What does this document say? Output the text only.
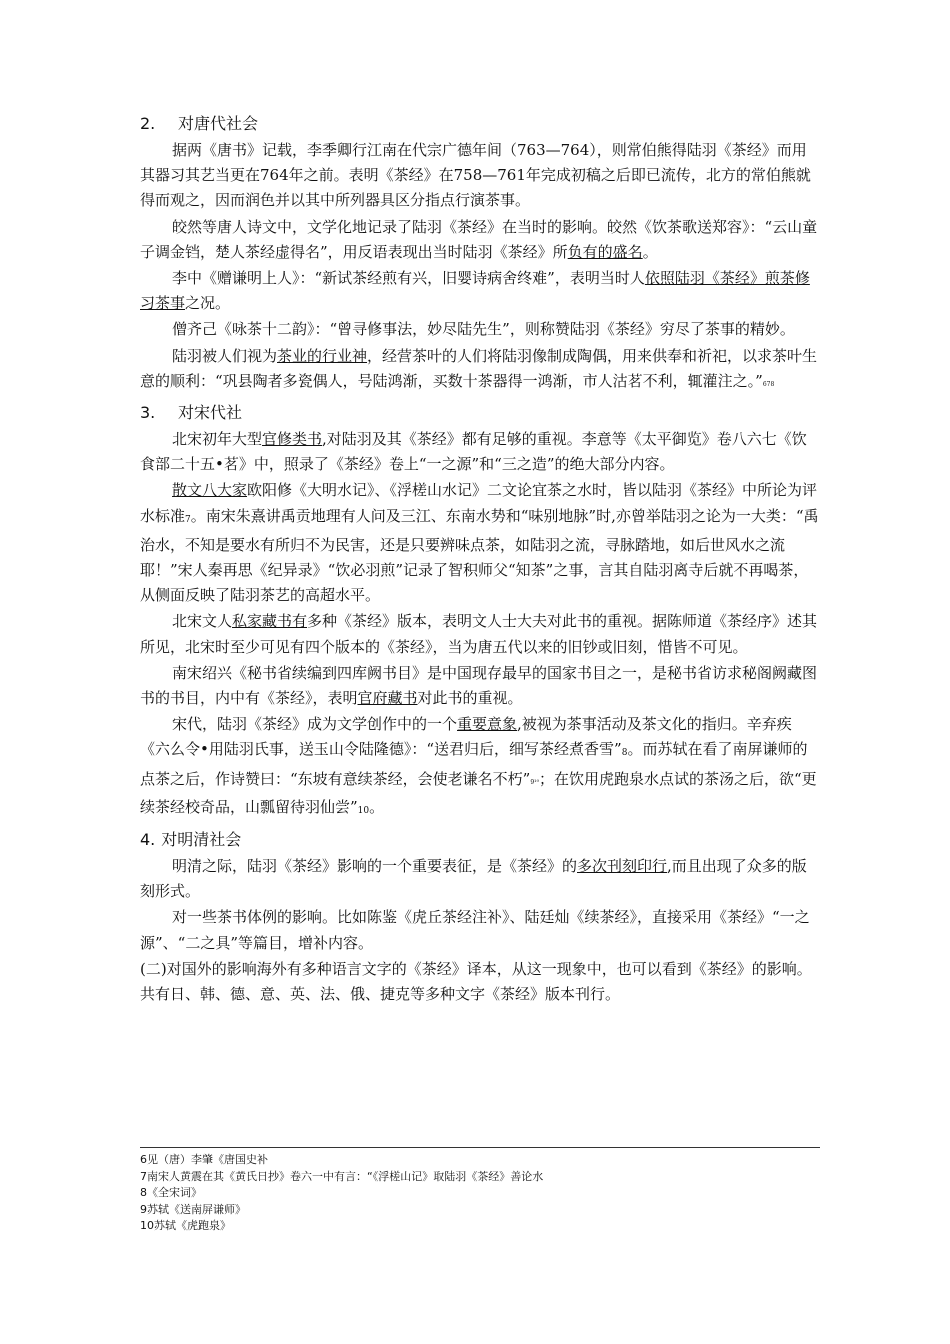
2. 对唐代社会

据两《唐书》记载，李季卿行江南在代宗广德年间（763—764），则常伯熊得陆羽《茶经》而用其器习其艺当更在764年之前。表明《茶经》在758—761年完成初稿之后即已流传，北方的常伯熊就得而观之，因而润色并以其中所列器具区分指点行演茶事。

皎然等唐人诗文中，文学化地记录了陆羽《茶经》在当时的影响。皎然《饮茶歌送郑容》：“云山童子调金铛，楚人茶经虚得名”，用反语表现出当时陆羽《茶经》所负有的盛名。

李中《赠谦明上人》：“新试茶经煎有兴，旧婴诗病舍终难”，表明当时人依照陆羽《茶经》煎茶修习茶事之况。

僧齐己《咏茶十二韵》：“曾寻修事法，妙尽陆先生”，则称赞陆羽《茶经》穷尽了茶事的精妙。

陆羽被人们视为茶业的行业神，经营茶叶的人们将陆羽像制成陶偶，用来供奉和祈祀，以求茶叶生意的顺利：“巩县陶者多瓷偶人，号陆鸿渐，买数十茶器得一鸿渐，市人沽茗不利，辄灌注之。”678

3. 对宋代社

北宋初年大型官修类书,对陆羽及其《茶经》都有足够的重视。李意等《太平御览》卷八六七《饮食部二十五•茗》中，照录了《茶经》卷上“一之源”和“三之造”的绝大部分内容。

散文八大家欧阳修《大明水记》、《浮槎山水记》二文论宜茶之水时，皆以陆羽《茶经》中所论为评水标准7。南宋朱熹讲禹贡地理有人问及三江、东南水势和“味别地脉”时,亦曾举陆羽之论为一大类：“禹治水，不知是要水有所归不为民害，还是只要辨味点茶，如陆羽之流，寻脉踏地，如后世风水之流耶！”宋人秦再思《纪异录》“饮必羽煎”记录了智积师父“知茶”之事，言其自陆羽离寺后就不再喝茶，从侧面反映了陆羽茶艺的高超水平。

北宋文人私家藏书有多种《茶经》版本，表明文人士大夫对此书的重视。据陈师道《茶经序》述其所见，北宋时至少可见有四个版本的《茶经》，当为唐五代以来的旧钞或旧刻，惜皆不可见。

南宋绍兴《秘书省续编到四库阙书目》是中国现存最早的国家书目之一，是秘书省访求秘阁阙藏图书的书目，内中有《茶经》，表明官府藏书对此书的重视。

宋代，陆羽《茶经》成为文学创作中的一个重要意象,被视为茶事活动及茶文化的指归。辛弃疾《六么令•用陆羽氏事，送玉山令陆隆德》：“送君归后，细写茶经煮香雪”8。而苏轼在看了南屏谦师的点茶之后，作诗赞曰：“东坡有意续茶经，会使老谦名不朽”9¹⁰；在饮用虎跑泉水点试的茶汤之后，欲“更续茶经校奇品，山瓢留待羽仙尝”10。

4. 对明清社会

明清之际，陆羽《茶经》影响的一个重要表征，是《茶经》的多次刊刻印行,而且出现了众多的版刻形式。

对一些茶书体例的影响。比如陈鉴《虎丘茶经注补》、陆廷灿《续茶经》，直接采用《茶经》“一之源”、“二之具”等篇目，增补内容。

(二)对国外的影响海外有多种语言文字的《茶经》译本，从这一现象中，也可以看到《茶经》的影响。共有日、韩、德、意、英、法、俄、捷克等多种文字《茶经》版本刊行。

6见（唐）李肇《唐国史补
7南宋人黄震在其《黄氏日抄》卷六一中有言：“《浮槎山记》取陆羽《茶经》善论水
8《全宋词》
9苏轼《送南屏谦师》
10苏轼《虎跑泉》
